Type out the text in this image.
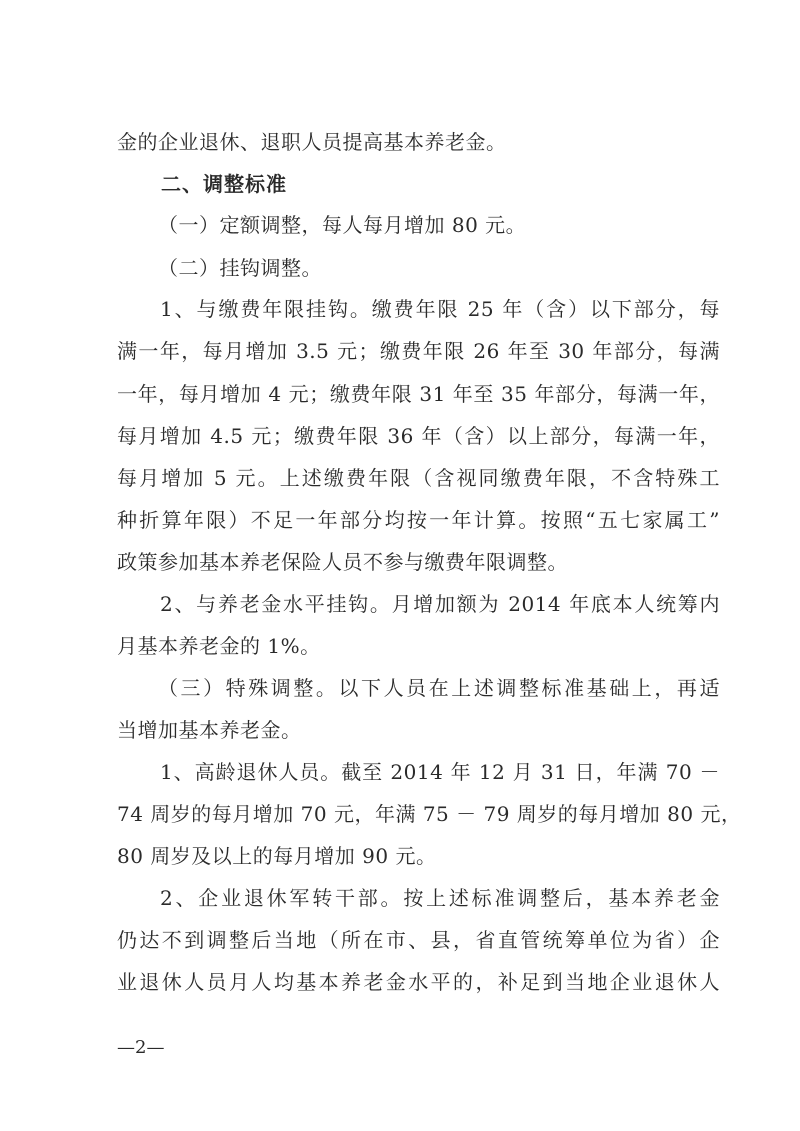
金的企业退休、退职人员提高基本养老金。
二、调整标准
（一）定额调整，每人每月增加 80 元。
（二）挂钩调整。
1、与缴费年限挂钩。缴费年限 25 年（含）以下部分，每
满一年，每月增加 3.5 元；缴费年限 26 年至 30 年部分，每满
一年，每月增加 4 元；缴费年限 31 年至 35 年部分，每满一年，
每月增加 4.5 元；缴费年限 36 年（含）以上部分，每满一年，
每月增加 5 元。上述缴费年限（含视同缴费年限，不含特殊工
种折算年限）不足一年部分均按一年计算。按照“五七家属工”
政策参加基本养老保险人员不参与缴费年限调整。
2、与养老金水平挂钩。月增加额为 2014 年底本人统筹内
月基本养老金的 1%。
（三）特殊调整。以下人员在上述调整标准基础上，再适
当增加基本养老金。
1、高龄退休人员。截至 2014 年 12 月 31 日，年满 70 －
74 周岁的每月增加 70 元，年满 75 － 79 周岁的每月增加 80 元，
80 周岁及以上的每月增加 90 元。
2、企业退休军转干部。按上述标准调整后，基本养老金
仍达不到调整后当地（所在市、县，省直管统筹单位为省）企
业退休人员月人均基本养老金水平的，补足到当地企业退休人
—2—
